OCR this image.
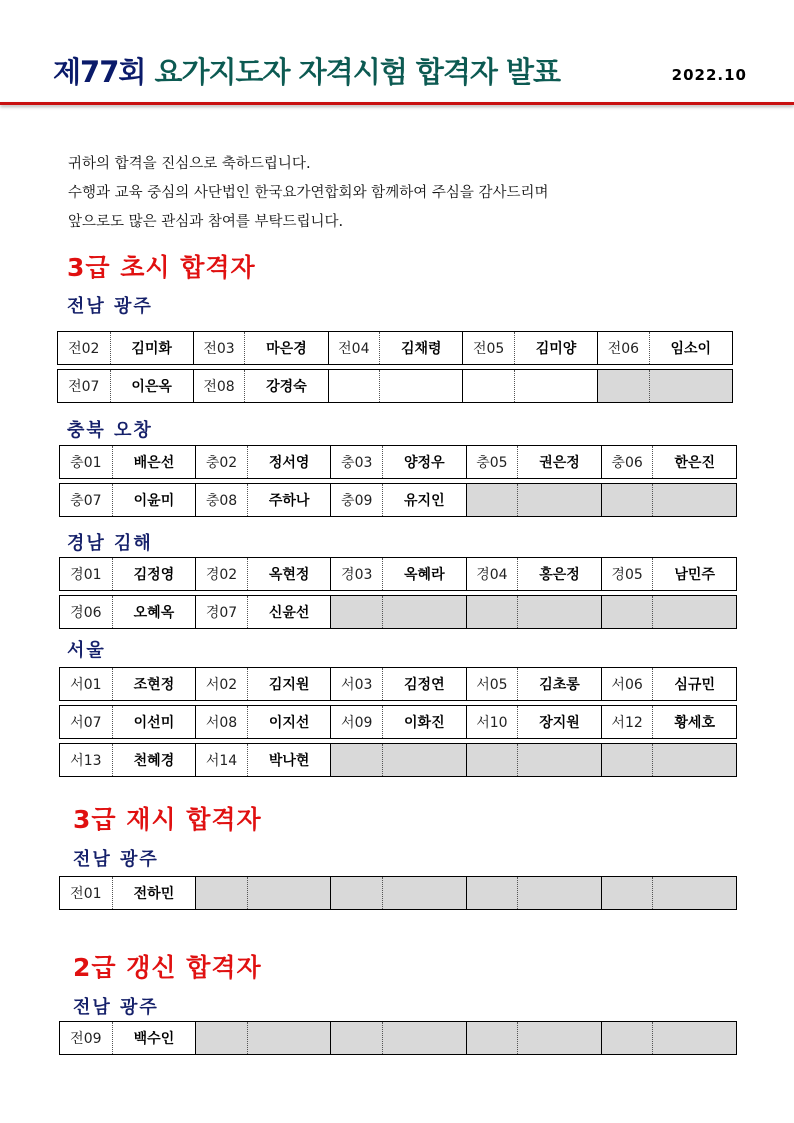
제77회 요가지도자 자격시험 합격자 발표	2022.10
귀하의 합격을 진심으로 축하드립니다.
수행과 교육 중심의 사단법인 한국요가연합회와 함께하여 주심을 감사드리며
앞으로도 많은 관심과 참여를 부탁드립니다.
3급 초시 합격자
3급 재시 합격자
2급 갱신 합격자
전남 광주
전02	김미화	전03	마은경	전04	김채령	전05	김미양	전06	임소이
전07	이은옥	전08	강경숙
충북 오창
충01	배은선	충02	정서영	충03	양정우	충05	권은정	충06	한은진
충07	이윤미	충08	주하나	충09	유지인
경남 김해
경01	김정영	경02	옥현정	경03	옥혜라	경04	홍은정	경05	남민주
경06	오혜옥	경07	신윤선
서울
서01	조현정	서02	김지원	서03	김정연	서05	김초롱	서06	심규민
서07	이선미	서08	이지선	서09	이화진	서10	장지원	서12	황세호
서13	천혜경	서14	박나현
전남 광주
전01	전하민
전남 광주
전09	백수인
